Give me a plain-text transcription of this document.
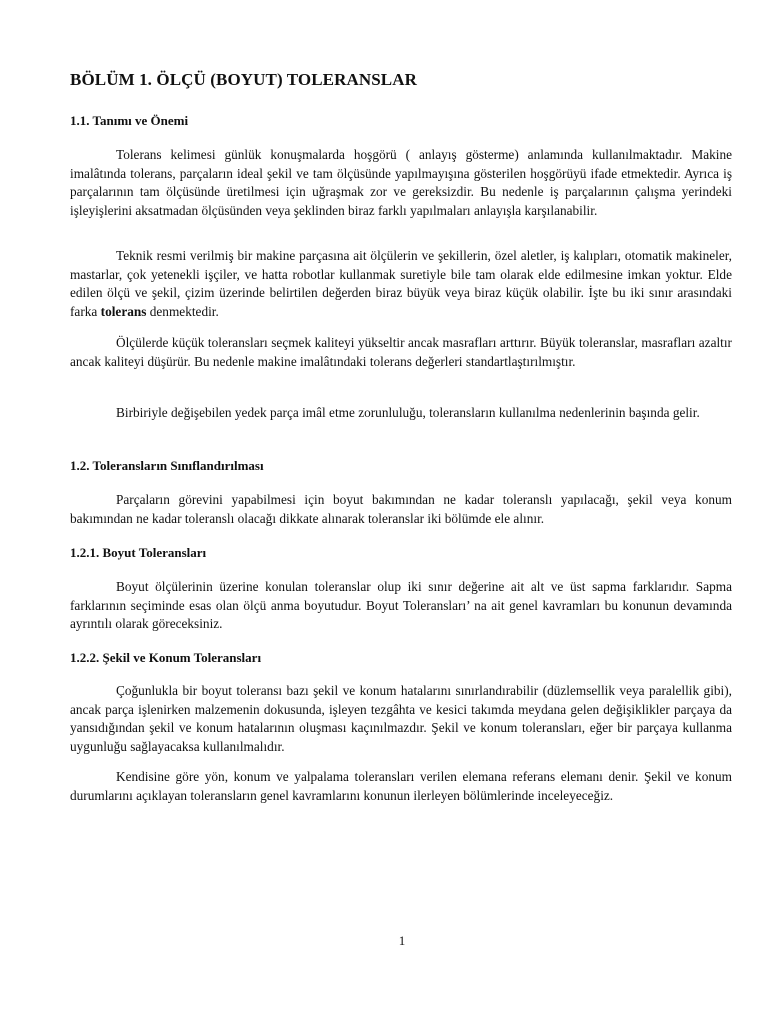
BÖLÜM 1. ÖLÇÜ (BOYUT) TOLERANSLAR
1.1. Tanımı ve Önemi

Tolerans kelimesi günlük konuşmalarda hoşgörü ( anlayış gösterme) anlamında kullanılmaktadır. Makine imalâtında tolerans, parçaların ideal şekil ve tam ölçüsünde yapılmayışına gösterilen hoşgörüyü ifade etmektedir. Ayrıca iş parçalarının tam ölçüsünde üretilmesi için uğraşmak zor ve gereksizdir. Bu nedenle iş parçalarının çalışma yerindeki işleyişlerini aksatmadan ölçüsünden veya şeklinden biraz farklı yapılmaları anlayışla karşılanabilir.

Teknik resmi verilmiş bir makine parçasına ait ölçülerin ve şekillerin, özel aletler, iş kalıpları, otomatik makineler, mastarlar, çok yetenekli işçiler, ve hatta robotlar kullanmak suretiyle bile tam olarak elde edilmesine imkan yoktur. Elde edilen ölçü ve şekil, çizim üzerinde belirtilen değerden biraz büyük veya biraz küçük olabilir. İşte bu iki sınır arasındaki farka tolerans denmektedir.

Ölçülerde küçük toleransları seçmek kaliteyi yükseltir ancak masrafları arttırır. Büyük toleranslar, masrafları azaltır ancak kaliteyi düşürür. Bu nedenle makine imalâtındaki tolerans değerleri standartlaştırılmıştır.

Birbiriyle değişebilen yedek parça imâl etme zorunluluğu, toleransların kullanılma nedenlerinin başında gelir.

1.2. Toleransların Sınıflandırılması

Parçaların görevini yapabilmesi için boyut bakımından ne kadar toleranslı yapılacağı, şekil veya konum bakımından ne kadar toleranslı olacağı dikkate alınarak toleranslar iki bölümde ele alınır.

1.2.1. Boyut Toleransları

Boyut ölçülerinin üzerine konulan toleranslar olup iki sınır değerine ait alt ve üst sapma farklarıdır. Sapma farklarının seçiminde esas olan ölçü anma boyutudur. Boyut Toleransları’ na ait genel kavramları bu konunun devamında ayrıntılı olarak göreceksiniz.

1.2.2. Şekil ve Konum Toleransları

Çoğunlukla bir boyut toleransı bazı şekil ve konum hatalarını sınırlandırabilir (düzlemsellik veya paralellik gibi), ancak parça işlenirken malzemenin dokusunda, işleyen tezgâhta ve kesici takımda meydana gelen değişiklikler parçaya da yansıdığından şekil ve konum hatalarının oluşması kaçınılmazdır. Şekil ve konum toleransları, eğer bir parçaya kullanma uygunluğu sağlayacaksa kullanılmalıdır.

Kendisine göre yön, konum ve yalpalama toleransları verilen elemana referans elemanı denir. Şekil ve konum durumlarını açıklayan toleransların genel kavramlarını konunun ilerleyen bölümlerinde inceleyeceğiz.

1
